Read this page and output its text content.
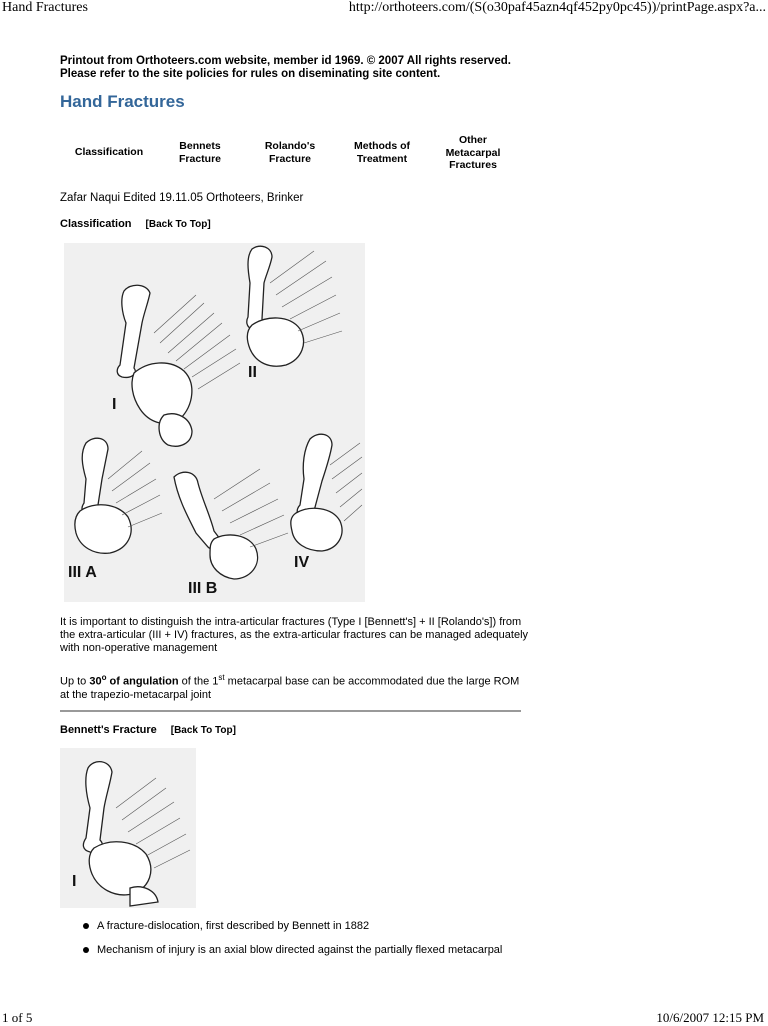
Hand Fractures	http://orthoteers.com/(S(o30paf45azn4qf452py0pc45))/printPage.aspx?a...
Printout from Orthoteers.com website, member id 1969. © 2007 All rights reserved. Please refer to the site policies for rules on diseminating site content.
Hand Fractures
Classification	Bennets Fracture
Rolando's Fracture
Methods of Treatment
Other Metacarpal Fractures
Zafar Naqui Edited 19.11.05 Orthoteers, Brinker
Classification [Back To Top]
I
II
III A
III B
IV
It is important to distinguish the intra-articular fractures (Type I [Bennett's] + II [Rolando's]) from the extra-articular (III + IV) fractures, as the extra-articular fractures can be managed adequately with non-operative management
Up to 30$^o$ of angulation of the 1st metacarpal base can be accommodated due the large ROM at the trapezio-metacarpal joint
Bennett's Fracture [Back To Top]
I
A fracture-dislocation, first described by Bennett in 1882
Mechanism of injury is an axial blow directed against the partially flexed metacarpal
1 of 5	10/6/2007 12:15 PM
